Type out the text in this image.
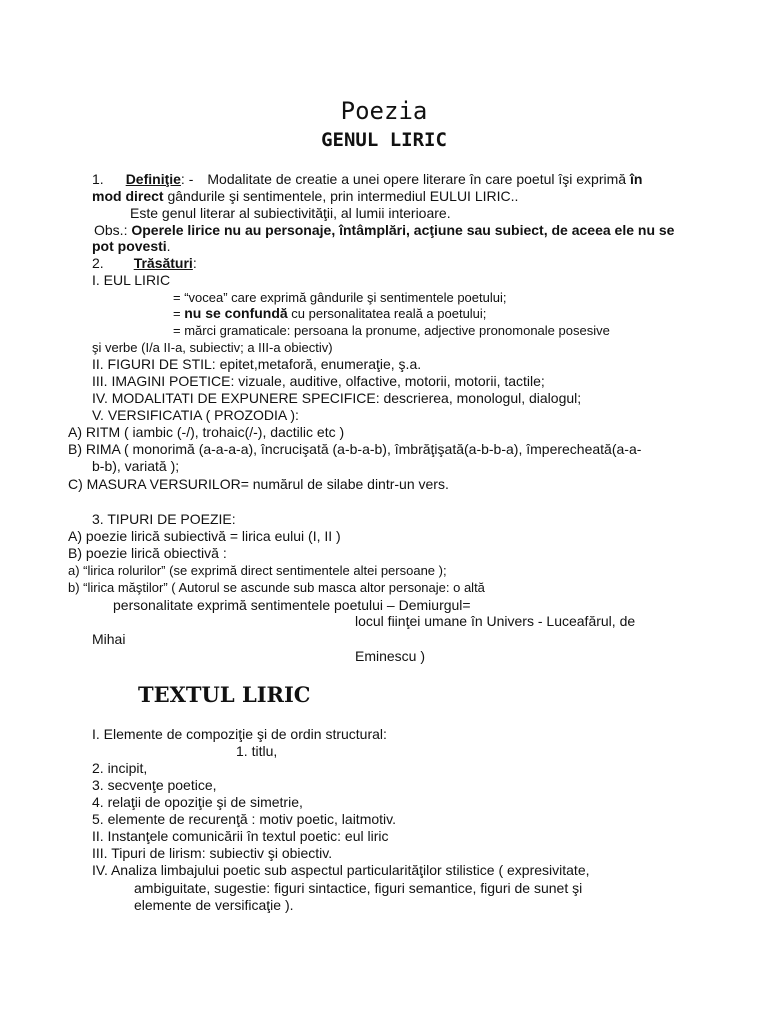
Poezia
GENUL LIRIC
1. Definiţie: - Modalitate de creatie a unei opere literare în care poetul îşi exprimă în
mod direct gândurile şi sentimentele, prin intermediul EULUI LIRIC..
Este genul literar al subiectivităţii, al lumii interioare.
Obs.: Operele lirice nu au personaje, întâmplări, acţiune sau subiect, de aceea ele nu se
pot povesti.
2. Trăsături:
I. EUL LIRIC
= “vocea” care exprimă gândurile şi sentimentele poetului;
= nu se confundă cu personalitatea reală a poetului;
= mărci gramaticale: persoana la pronume, adjective pronomonale posesive
şi verbe (I/a II-a, subiectiv; a III-a obiectiv)
II. FIGURI DE STIL: epitet,metaforă, enumeraţie, ş.a.
III. IMAGINI POETICE: vizuale, auditive, olfactive, motorii, motorii, tactile;
IV. MODALITATI DE EXPUNERE SPECIFICE: descrierea, monologul, dialogul;
V. VERSIFICATIA ( PROZODIA ):
A) RITM ( iambic (-/), trohaic(/-), dactilic etc )
B) RIMA ( monorimă (a-a-a-a), încrucişată (a-b-a-b), îmbrăţişată(a-b-b-a), împerecheată(a-a-
b-b), variată );
C) MASURA VERSURILOR= numărul de silabe dintr-un vers.
3. TIPURI DE POEZIE:
A) poezie lirică subiectivă = lirica eului (I, II )
B) poezie lirică obiectivă :
a) “lirica rolurilor” (se exprimă direct sentimentele altei persoane );
b) “lirica măştilor” ( Autorul se ascunde sub masca altor personaje: o altă
personalitate exprimă sentimentele poetului – Demiurgul=
locul fiinţei umane în Univers - Luceafărul, de
Mihai
Eminescu )
TEXTUL LIRIC
I. Elemente de compoziţie şi de ordin structural:
1. titlu,
2. incipit,
3. secvenţe poetice,
4. relaţii de opoziţie şi de simetrie,
5. elemente de recurenţă : motiv poetic, laitmotiv.
II. Instanţele comunicării în textul poetic: eul liric
III. Tipuri de lirism: subiectiv şi obiectiv.
IV. Analiza limbajului poetic sub aspectul particularităţilor stilistice ( expresivitate,
ambiguitate, sugestie: figuri sintactice, figuri semantice, figuri de sunet şi
elemente de versificaţie ).
